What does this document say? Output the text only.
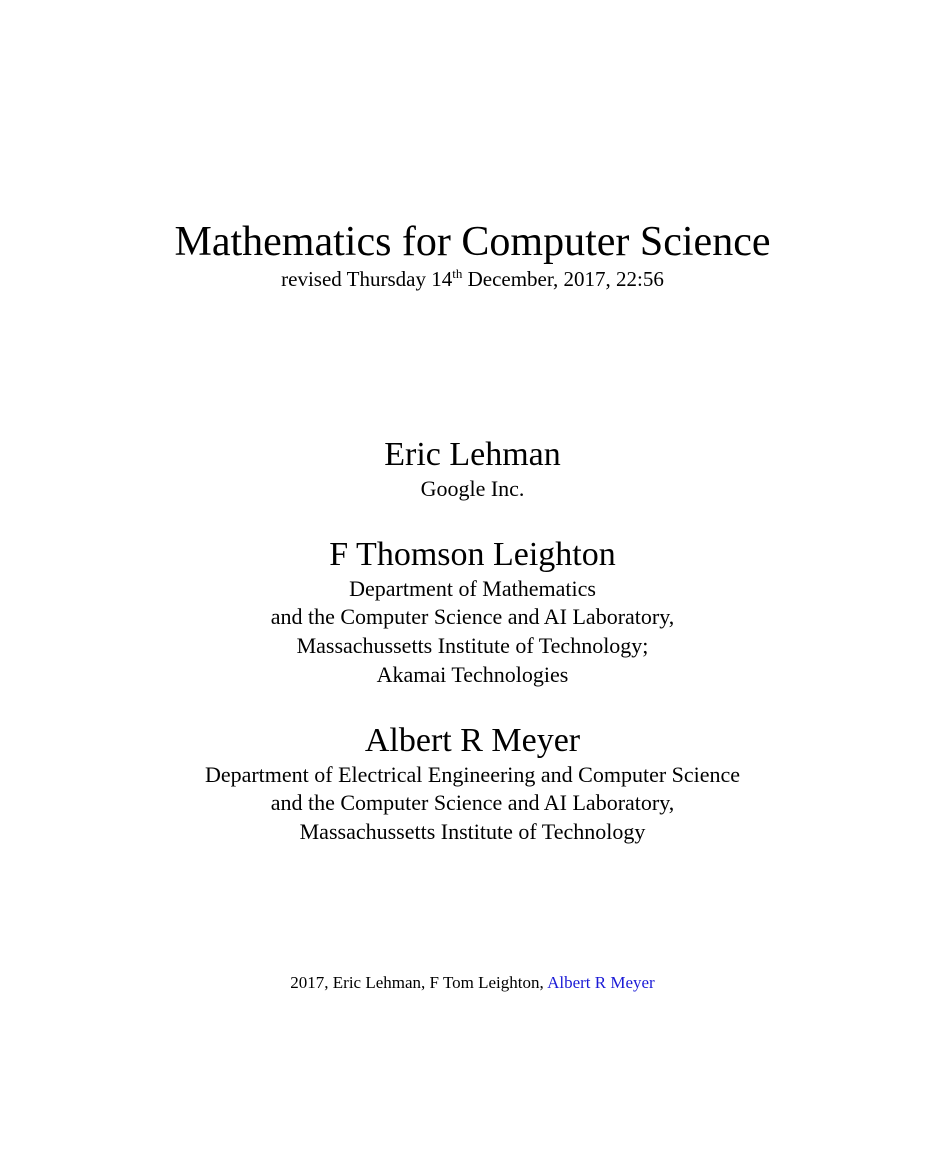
Mathematics for Computer Science
revised Thursday 14th December, 2017, 22:56
Eric Lehman
Google Inc.
F Thomson Leighton
Department of Mathematics
and the Computer Science and AI Laboratory,
Massachussetts Institute of Technology;
Akamai Technologies
Albert R Meyer
Department of Electrical Engineering and Computer Science
and the Computer Science and AI Laboratory,
Massachussetts Institute of Technology
2017, Eric Lehman, F Tom Leighton, Albert R Meyer
